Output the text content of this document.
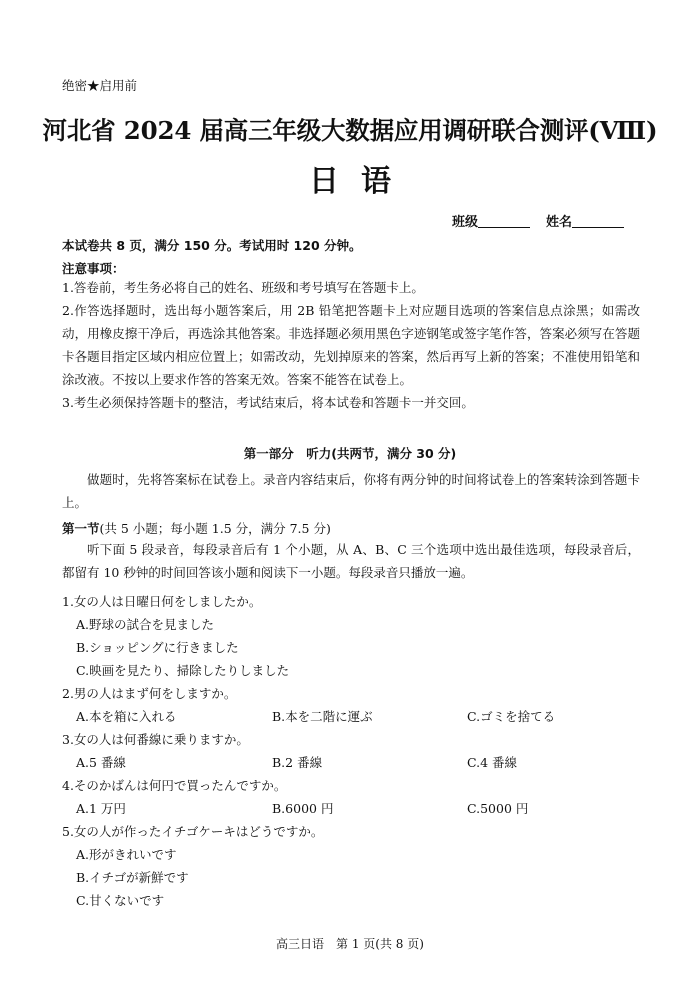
绝密★启用前
河北省 2024 届高三年级大数据应用调研联合测评(Ⅷ)
日语
班级	姓名
本试卷共 8 页，满分 150 分。考试用时 120 分钟。
注意事项：
1.答卷前，考生务必将自己的姓名、班级和考号填写在答题卡上。
2.作答选择题时，选出每小题答案后，用 2B 铅笔把答题卡上对应题目选项的答案信息点涂黑；如需改动，用橡皮擦干净后，再选涂其他答案。非选择题必须用黑色字迹钢笔或签字笔作答，答案必须写在答题卡各题目指定区域内相应位置上；如需改动，先划掉原来的答案，然后再写上新的答案；不准使用铅笔和涂改液。不按以上要求作答的答案无效。答案不能答在试卷上。
3.考生必须保持答题卡的整洁，考试结束后，将本试卷和答题卡一并交回。
第一部分　听力(共两节，满分 30 分)
做题时，先将答案标在试卷上。录音内容结束后，你将有两分钟的时间将试卷上的答案转涂到答题卡上。
第一节(共 5 小题；每小题 1.5 分，满分 7.5 分)
听下面 5 段录音，每段录音后有 1 个小题，从 A、B、C 三个选项中选出最佳选项，每段录音后，都留有 10 秒钟的时间回答该小题和阅读下一小题。每段录音只播放一遍。
1.女の人は日曜日何をしましたか。
A.野球の試合を見ました
B.ショッピングに行きました
C.映画を見たり、掃除したりしました
2.男の人はまず何をしますか。
A.本を箱に入れる	B.本を二階に運ぶ	C.ゴミを捨てる
3.女の人は何番線に乗りますか。
A.5 番線	B.2 番線	C.4 番線
4.そのかばんは何円で買ったんですか。
A.1 万円	B.6000 円	C.5000 円
5.女の人が作ったイチゴケーキはどうですか。
A.形がきれいです
B.イチゴが新鮮です
C.甘くないです
高三日语　第 1 页(共 8 页)
